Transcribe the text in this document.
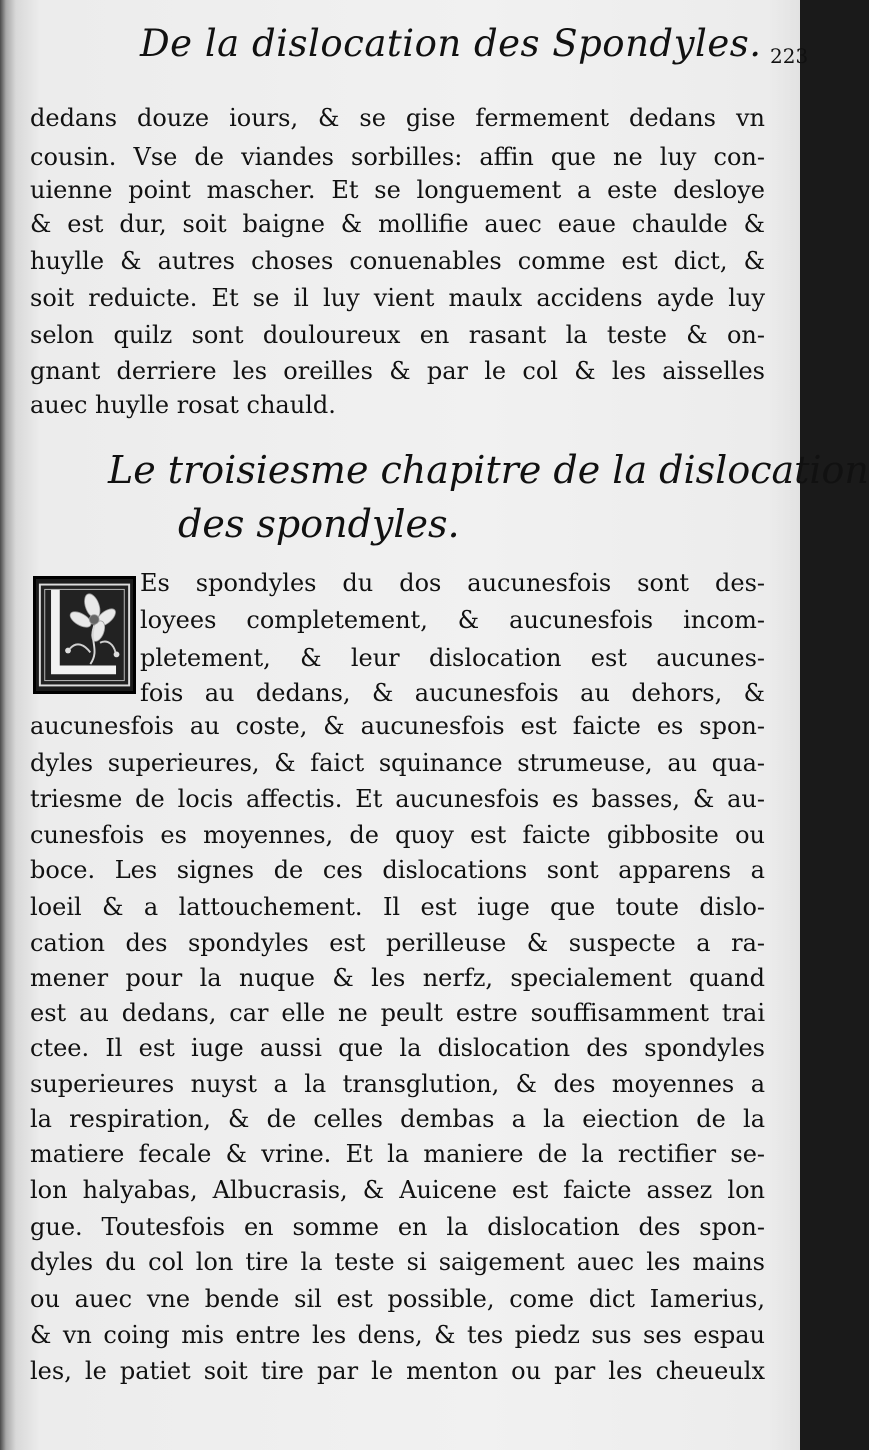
De la dislocation des Spondyles. 223
dedans douze iours, & se gise fermement dedans vn
cousin. Vse de viandes sorbilles: affin que ne luy con-
uienne point mascher. Et se longuement a este desloye
& est dur, soit baigne & mollifie auec eaue chaulde &
huylle & autres choses conuenables comme est dict, &
soit reduicte. Et se il luy vient maulx accidens ayde luy
selon quilz sont douloureux en rasant la teste & on-
gnant derriere les oreilles & par le col & les aisselles
auec huylle rosat chauld.
Le troisiesme chapitre de la dislocation
des spondyles.
Es spondyles du dos aucunesfois sont des-
loyees completement, & aucunesfois incom-
pletement, & leur dislocation est aucunes-
fois au dedans, & aucunesfois au dehors, &
aucunesfois au coste, & aucunesfois est faicte es spon-
dyles superieures, & faict squinance strumeuse, au qua-
triesme de locis affectis. Et aucunesfois es basses, & au-
cunesfois es moyennes, de quoy est faicte gibbosite ou
boce. Les signes de ces dislocations sont apparens a
loeil & a lattouchement. Il est iuge que toute dislo-
cation des spondyles est perilleuse & suspecte a ra-
mener pour la nuque & les nerfz, specialement quand
est au dedans, car elle ne peult estre souffisamment trai
ctee. Il est iuge aussi que la dislocation des spondyles
superieures nuyst a la transglution, & des moyennes a
la respiration, & de celles dembas a la eiection de la
matiere fecale & vrine. Et la maniere de la rectifier se-
lon halyabas, Albucrasis, & Auicene est faicte assez lon
gue. Toutesfois en somme en la dislocation des spon-
dyles du col lon tire la teste si saigement auec les mains
ou auec vne bende sil est possible, come dict Iamerius,
& vn coing mis entre les dens, & tes piedz sus ses espau
les, le patiet soit tire par le menton ou par les cheueulx
